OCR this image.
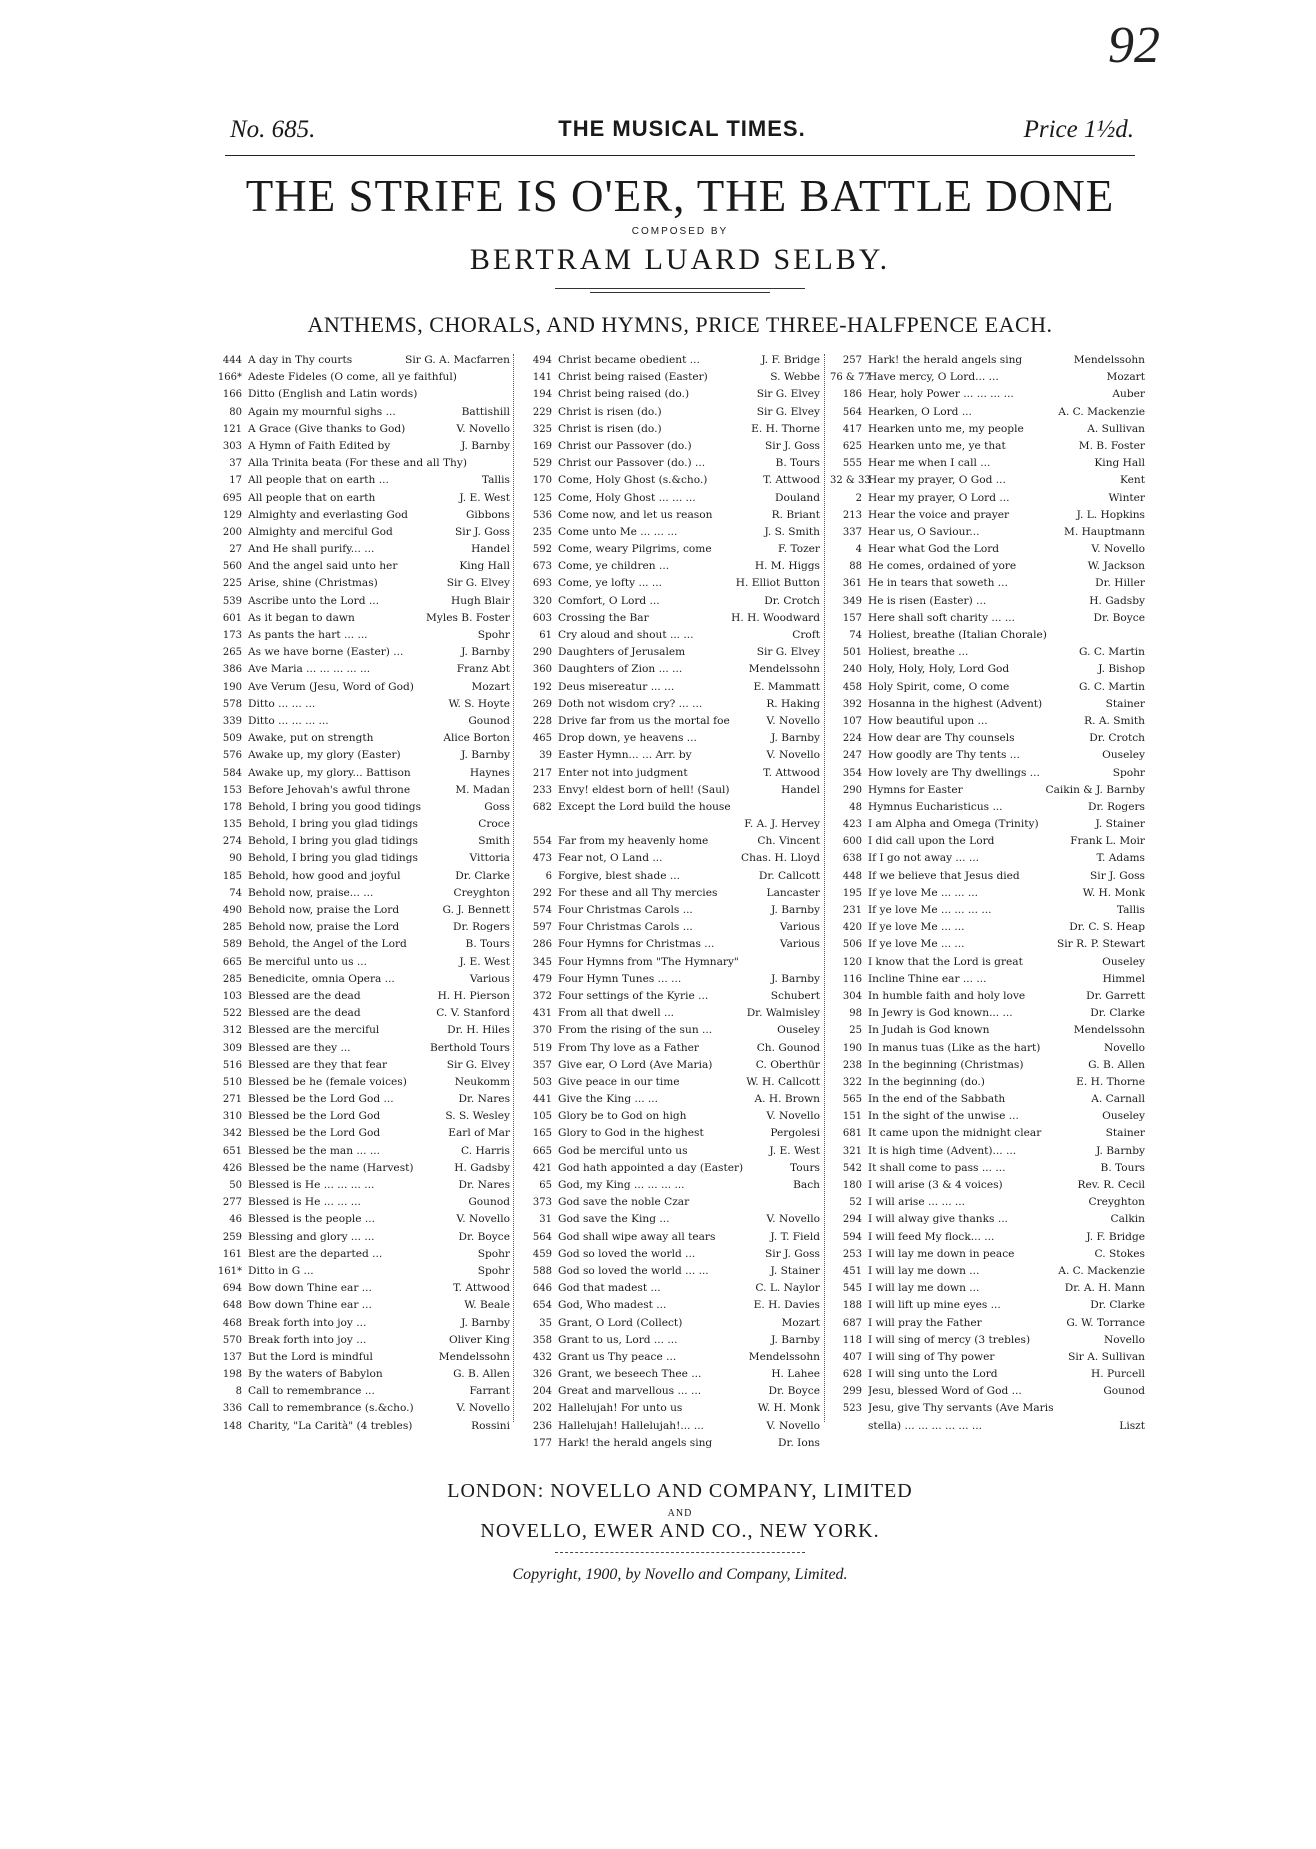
92
No. 685.	THE MUSICAL TIMES.	Price 1½d.
THE STRIFE IS O'ER, THE BATTLE DONE
COMPOSED BY
BERTRAM LUARD SELBY.
ANTHEMS, CHORALS, AND HYMNS, PRICE THREE-HALFPENCE EACH.
444 A day in Thy courts	Sir G. A. Macfarren
166* Adeste Fideles (O come, all ye faithful)
166 Ditto (English and Latin words)
80 Again my mournful sighs ...	Battishill
121 A Grace (Give thanks to God)	V. Novello
303 A Hymn of Faith Edited by	J. Barnby
37 Alla Trinita beata (For these and all Thy)
17 All people that on earth ...	Tallis
695 All people that on earth	J. E. West
129 Almighty and everlasting God	Gibbons
200 Almighty and merciful God	Sir J. Goss
27 And He shall purify... ...	Handel
560 And the angel said unto her	King Hall
225 Arise, shine (Christmas)	Sir G. Elvey
539 Ascribe unto the Lord ...	Hugh Blair
601 As it began to dawn	Myles B. Foster
173 As pants the hart ... ...	Spohr
265 As we have borne (Easter) ...	J. Barnby
386 Ave Maria ... ... ... ... ...	Franz Abt
190 Ave Verum (Jesu, Word of God)	Mozart
578 Ditto ... ... ...	W. S. Hoyte
339 Ditto ... ... ... ...	Gounod
509 Awake, put on strength	Alice Borton
576 Awake up, my glory (Easter)	J. Barnby
584 Awake up, my glory... Battison	Haynes
153 Before Jehovah's awful throne	M. Madan
178 Behold, I bring you good tidings	Goss
135 Behold, I bring you glad tidings	Croce
274 Behold, I bring you glad tidings	Smith
90 Behold, I bring you glad tidings	Vittoria
185 Behold, how good and joyful	Dr. Clarke
74 Behold now, praise... ...	Creyghton
490 Behold now, praise the Lord	G. J. Bennett
285 Behold now, praise the Lord	Dr. Rogers
589 Behold, the Angel of the Lord	B. Tours
665 Be merciful unto us ...	J. E. West
285 Benedicite, omnia Opera ...	Various
103 Blessed are the dead	H. H. Pierson
522 Blessed are the dead	C. V. Stanford
312 Blessed are the merciful	Dr. H. Hiles
309 Blessed are they ...	Berthold Tours
516 Blessed are they that fear	Sir G. Elvey
510 Blessed be he (female voices)	Neukomm
271 Blessed be the Lord God ...	Dr. Nares
310 Blessed be the Lord God	S. S. Wesley
342 Blessed be the Lord God	Earl of Mar
651 Blessed be the man ... ...	C. Harris
426 Blessed be the name (Harvest)	H. Gadsby
50 Blessed is He ... ... ... ...	Dr. Nares
277 Blessed is He ... ... ...	Gounod
46 Blessed is the people ...	V. Novello
259 Blessing and glory ... ...	Dr. Boyce
161 Blest are the departed ...	Spohr
161* Ditto in G ...	Spohr
694 Bow down Thine ear ...	T. Attwood
648 Bow down Thine ear ...	W. Beale
468 Break forth into joy ...	J. Barnby
570 Break forth into joy ...	Oliver King
137 But the Lord is mindful	Mendelssohn
198 By the waters of Babylon	G. B. Allen
8 Call to remembrance ...	Farrant
336 Call to remembrance (s.&cho.)	V. Novello
148 Charity, "La Carità" (4 trebles)	Rossini
494 Christ became obedient ...	J. F. Bridge
141 Christ being raised (Easter)	S. Webbe
194 Christ being raised (do.)	Sir G. Elvey
229 Christ is risen (do.)	Sir G. Elvey
325 Christ is risen (do.)	E. H. Thorne
169 Christ our Passover (do.)	Sir J. Goss
529 Christ our Passover (do.) ...	B. Tours
170 Come, Holy Ghost (s.&cho.)	T. Attwood
125 Come, Holy Ghost ... ... ...	Douland
536 Come now, and let us reason	R. Briant
235 Come unto Me ... ... ...	J. S. Smith
592 Come, weary Pilgrims, come	F. Tozer
673 Come, ye children ...	H. M. Higgs
693 Come, ye lofty ... ...	H. Elliot Button
320 Comfort, O Lord ...	Dr. Crotch
603 Crossing the Bar	H. H. Woodward
61 Cry aloud and shout ... ...	Croft
290 Daughters of Jerusalem	Sir G. Elvey
360 Daughters of Zion ... ...	Mendelssohn
192 Deus misereatur ... ...	E. Mammatt
269 Doth not wisdom cry? ... ...	R. Haking
228 Drive far from us the mortal foe	V. Novello
465 Drop down, ye heavens ...	J. Barnby
39 Easter Hymn... ... Arr. by	V. Novello
217 Enter not into judgment	T. Attwood
233 Envy! eldest born of hell! (Saul)	Handel
682 Except the Lord build the house
F. A. J. Hervey
554 Far from my heavenly home	Ch. Vincent
473 Fear not, O Land ...	Chas. H. Lloyd
6 Forgive, blest shade ...	Dr. Callcott
292 For these and all Thy mercies	Lancaster
574 Four Christmas Carols ...	J. Barnby
597 Four Christmas Carols ...	Various
286 Four Hymns for Christmas ...	Various
345 Four Hymns from "The Hymnary"
479 Four Hymn Tunes ... ...	J. Barnby
372 Four settings of the Kyrie ...	Schubert
431 From all that dwell ...	Dr. Walmisley
370 From the rising of the sun ...	Ouseley
519 From Thy love as a Father	Ch. Gounod
357 Give ear, O Lord (Ave Maria)	C. Oberthür
503 Give peace in our time	W. H. Callcott
441 Give the King ... ...	A. H. Brown
105 Glory be to God on high	V. Novello
165 Glory to God in the highest	Pergolesi
665 God be merciful unto us	J. E. West
421 God hath appointed a day (Easter)	Tours
65 God, my King ... ... ... ...	Bach
373 God save the noble Czar
31 God save the King ...	V. Novello
564 God shall wipe away all tears	J. T. Field
459 God so loved the world ...	Sir J. Goss
588 God so loved the world ... ...	J. Stainer
646 God that madest ...	C. L. Naylor
654 God, Who madest ...	E. H. Davies
35 Grant, O Lord (Collect)	Mozart
358 Grant to us, Lord ... ...	J. Barnby
432 Grant us Thy peace ...	Mendelssohn
326 Grant, we beseech Thee ...	H. Lahee
204 Great and marvellous ... ...	Dr. Boyce
202 Hallelujah! For unto us	W. H. Monk
236 Hallelujah! Hallelujah!... ...	V. Novello
177 Hark! the herald angels sing	Dr. Ions
257 Hark! the herald angels sing	Mendelssohn
76 & 77
Have mercy, O Lord... ...	Mozart
186 Hear, holy Power ... ... ... ...	Auber
564 Hearken, O Lord ...	A. C. Mackenzie
417 Hearken unto me, my people	A. Sullivan
625 Hearken unto me, ye that	M. B. Foster
555 Hear me when I call ...	King Hall
32 & 33
Hear my prayer, O God ...	Kent
2 Hear my prayer, O Lord ...	Winter
213 Hear the voice and prayer	J. L. Hopkins
337 Hear us, O Saviour...	M. Hauptmann
4 Hear what God the Lord	V. Novello
88 He comes, ordained of yore	W. Jackson
361 He in tears that soweth ...	Dr. Hiller
349 He is risen (Easter) ...	H. Gadsby
157 Here shall soft charity ... ...	Dr. Boyce
74 Holiest, breathe (Italian Chorale)
501 Holiest, breathe ...	G. C. Martin
240 Holy, Holy, Holy, Lord God	J. Bishop
458 Holy Spirit, come, O come	G. C. Martin
392 Hosanna in the highest (Advent)	Stainer
107 How beautiful upon ...	R. A. Smith
224 How dear are Thy counsels	Dr. Crotch
247 How goodly are Thy tents ...	Ouseley
354 How lovely are Thy dwellings ...	Spohr
290 Hymns for Easter	Caikin & J. Barnby
48 Hymnus Eucharisticus ...	Dr. Rogers
423 I am Alpha and Omega (Trinity)	J. Stainer
600 I did call upon the Lord	Frank L. Moir
638 If I go not away ... ...	T. Adams
448 If we believe that Jesus died	Sir J. Goss
195 If ye love Me ... ... ...	W. H. Monk
231 If ye love Me ... ... ... ...	Tallis
420 If ye love Me ... ...	Dr. C. S. Heap
506 If ye love Me ... ...	Sir R. P. Stewart
120 I know that the Lord is great	Ouseley
116 Incline Thine ear ... ...	Himmel
304 In humble faith and holy love	Dr. Garrett
98 In Jewry is God known... ...	Dr. Clarke
25 In Judah is God known	Mendelssohn
190 In manus tuas (Like as the hart)	Novello
238 In the beginning (Christmas)	G. B. Allen
322 In the beginning (do.)	E. H. Thorne
565 In the end of the Sabbath	A. Carnall
151 In the sight of the unwise ...	Ouseley
681 It came upon the midnight clear	Stainer
321 It is high time (Advent)... ...	J. Barnby
542 It shall come to pass ... ...	B. Tours
180 I will arise (3 & 4 voices)	Rev. R. Cecil
52 I will arise ... ... ...	Creyghton
294 I will alway give thanks ...	Calkin
594 I will feed My flock... ...	J. F. Bridge
253 I will lay me down in peace	C. Stokes
451 I will lay me down ...	A. C. Mackenzie
545 I will lay me down ...	Dr. A. H. Mann
188 I will lift up mine eyes ...	Dr. Clarke
687 I will pray the Father	G. W. Torrance
118 I will sing of mercy (3 trebles)	Novello
407 I will sing of Thy power	Sir A. Sullivan
628 I will sing unto the Lord	H. Purcell
299 Jesu, blessed Word of God ...	Gounod
523 Jesu, give Thy servants (Ave Maris
stella) ... ... ... ... ... ...	Liszt
LONDON: NOVELLO AND COMPANY, LIMITED
AND
NOVELLO, EWER AND CO., NEW YORK.
Copyright, 1900, by Novello and Company, Limited.
